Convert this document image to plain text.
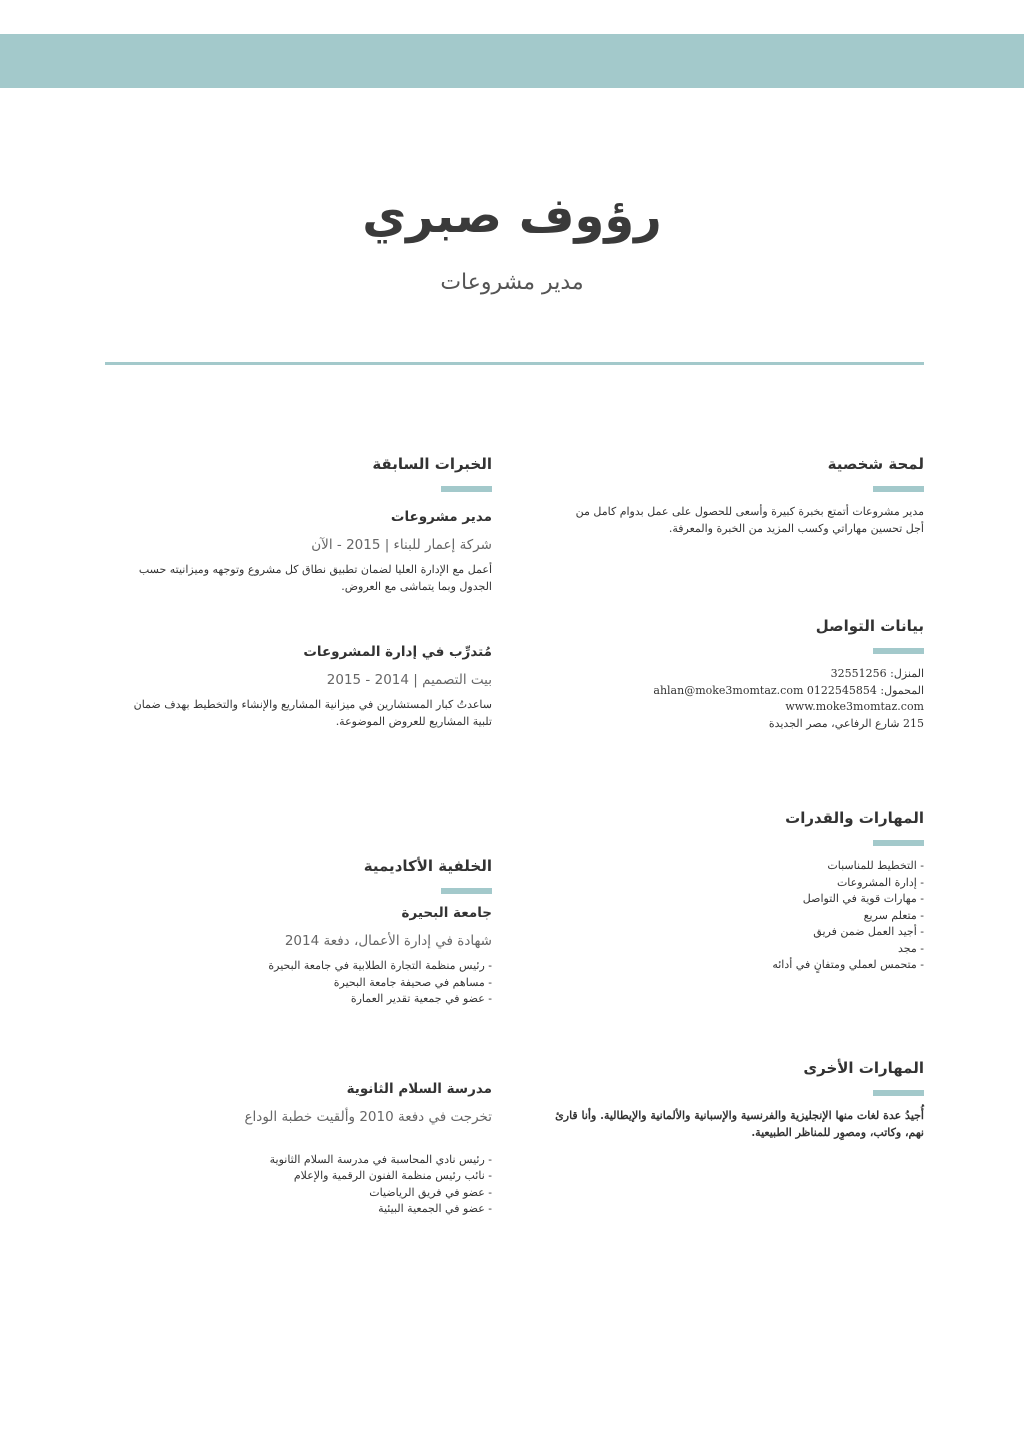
رؤوف صبري
مدير مشروعات
لمحة شخصية

مدير مشروعات أتمتع بخبرة كبيرة وأسعى للحصول على عمل بدوام كامل من أجل تحسين مهاراتي وكسب المزيد من الخبرة والمعرفة.

بيانات التواصل

المنزل: 32551256

المحمول: 0122545854 ahlan@moke3momtaz.com

www.moke3momtaz.com

215 شارع الرفاعي، مصر الجديدة

المهارات والقدرات
- التخطيط للمناسبات
- إدارة المشروعات
- مهارات قوية في التواصل
- متعلم سريع
- أجيد العمل ضمن فريق
- مجد
- متحمس لعملي ومتفانٍ في أدائه
المهارات الأخرى

أُجيدُ عدة لغات منها الإنجليزية والفرنسية والإسبانية والألمانية والإيطالية. وأنا قارئ نهم، وكاتب، ومصوِر للمناظر الطبيعية.

الخبرات السابقة

مدير مشروعات

شركة إعمار للبناء | 2015 - الآن

أعمل مع الإدارة العليا لضمان تطبيق نطاق كل مشروع وتوجهه وميزانيته حسب الجدول وبما يتماشى مع العروض.

مُتدرِّب في إدارة المشروعات

بيت التصميم | 2014 - 2015

ساعدتُ كبار المستشارين في ميزانية المشاريع والإنشاء والتخطيط بهدف ضمان تلبية المشاريع للعروض الموضوعة.

الخلفية الأكاديمية

جامعة البحيرة

شهادة في إدارة الأعمال، دفعة 2014

- رئيس منظمة التجارة الطلابية في جامعة البحيرة
- مساهم في صحيفة جامعة البحيرة
- عضو في جمعية تقدير العمارة

مدرسة السلام الثانوية

تخرجت في دفعة 2010 وألقيت خطبة الوداع

- رئيس نادي المحاسبة في مدرسة السلام الثانوية
- نائب رئيس منظمة الفنون الرقمية والإعلام
- عضو في فريق الرياضيات
- عضو في الجمعية البيئية
